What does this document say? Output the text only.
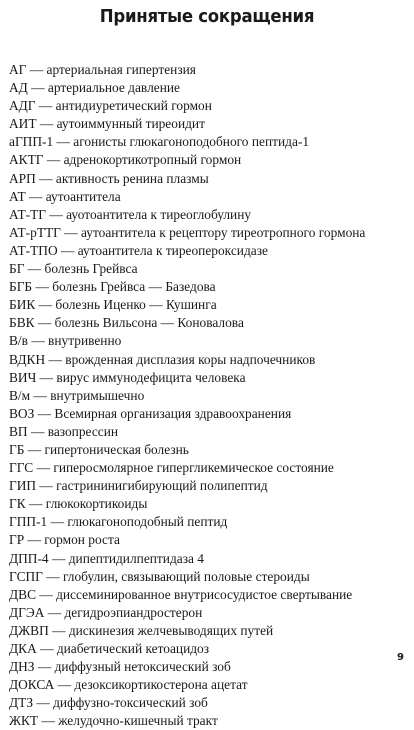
Принятые сокращения
АГ — артериальная гипертензия
АД — артериальное давление
АДГ — антидиуретический гормон
АИТ — аутоиммунный тиреоидит
аГПП-1 — агонисты глюкагоноподобного пептида-1
АКТГ — адренокортикотропный гормон
АРП — активность ренина плазмы
АТ — аутоантитела
АТ-ТГ — ауотоантитела к тиреоглобулину
АТ-рТТГ — аутоантитела к рецептору тиреотропного гормона
АТ-ТПО — аутоантитела к тиреопероксидазе
БГ — болезнь Грейвса
БГБ — болезнь Грейвса — Базедова
БИК — болезнь Иценко — Кушинга
БВК — болезнь Вильсона — Коновалова
В/в — внутривенно
ВДКН — врожденная дисплазия коры надпочечников
ВИЧ — вирус иммунодефицита человека
В/м — внутримышечно
ВОЗ — Всемирная организация здравоохранения
ВП — вазопрессин
ГБ — гипертоническая болезнь
ГГС — гиперосмолярное гипергликемическое состояние
ГИП — гастрининигибирующий полипептид
ГК — глюкокортикоиды
ГПП-1 — глюкагоноподобный пептид
ГР — гормон роста
ДПП-4 — дипептидилпептидаза 4
ГСПГ — глобулин, связывающий половые стероиды
ДВС — диссеминированное внутрисосудистое свертывание
ДГЭА — дегидроэпиандростерон
ДЖВП — дискинезия желчевыводящих путей
ДКА — диабетический кетоацидоз
ДНЗ — диффузный нетоксический зоб
ДОКСА — дезоксикортикостерона ацетат
ДТЗ — диффузно-токсический зоб
ЖКТ — желудочно-кишечный тракт
9
